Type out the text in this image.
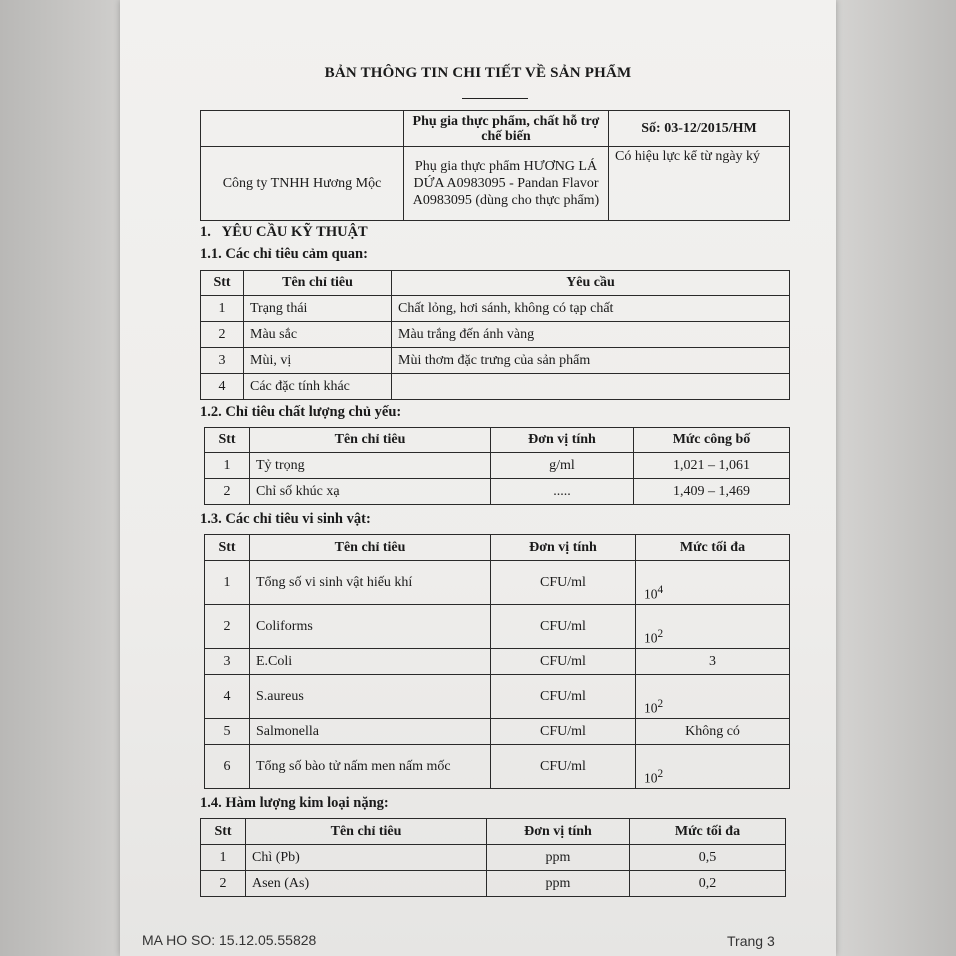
BẢN THÔNG TIN CHI TIẾT VỀ SẢN PHẨM
	Phụ gia thực phẩm, chất hỗ trợ chế biến	Số: 03-12/2015/HM
Công ty TNHH Hương Mộc	Phụ gia thực phẩm HƯƠNG LÁ DỨA A0983095 - Pandan Flavor A0983095 (dùng cho thực phẩm)	Có hiệu lực kể từ ngày ký
1. YÊU CẦU KỸ THUẬT
1.1. Các chỉ tiêu cảm quan:
Stt	Tên chỉ tiêu	Yêu cầu
1	Trạng thái	Chất lỏng, hơi sánh, không có tạp chất
2	Màu sắc	Màu trắng đến ánh vàng
3	Mùi, vị	Mùi thơm đặc trưng của sản phẩm
4	Các đặc tính khác	
1.2. Chỉ tiêu chất lượng chủ yếu:
Stt	Tên chỉ tiêu	Đơn vị tính	Mức công bố
1	Tỷ trọng	g/ml	1,021 – 1,061
2	Chỉ số khúc xạ	.....	1,409 – 1,469
1.3. Các chỉ tiêu vi sinh vật:
Stt	Tên chỉ tiêu	Đơn vị tính	Mức tối đa
1	Tổng số vi sinh vật hiếu khí	CFU/ml	$10^4$

2	Coliforms	CFU/ml	$10^2$

3	E.Coli	CFU/ml	3
4	S.aureus	CFU/ml	$10^2$

5	Salmonella	CFU/ml	Không có
6	Tổng số bào tử nấm men nấm mốc	CFU/ml	$10^2$
1.4. Hàm lượng kim loại nặng:
Stt	Tên chỉ tiêu	Đơn vị tính	Mức tối đa
1	Chì (Pb)	ppm	0,5
2	Asen (As)	ppm	0,2
MA HO SO: 15.12.05.55828	Trang 3
